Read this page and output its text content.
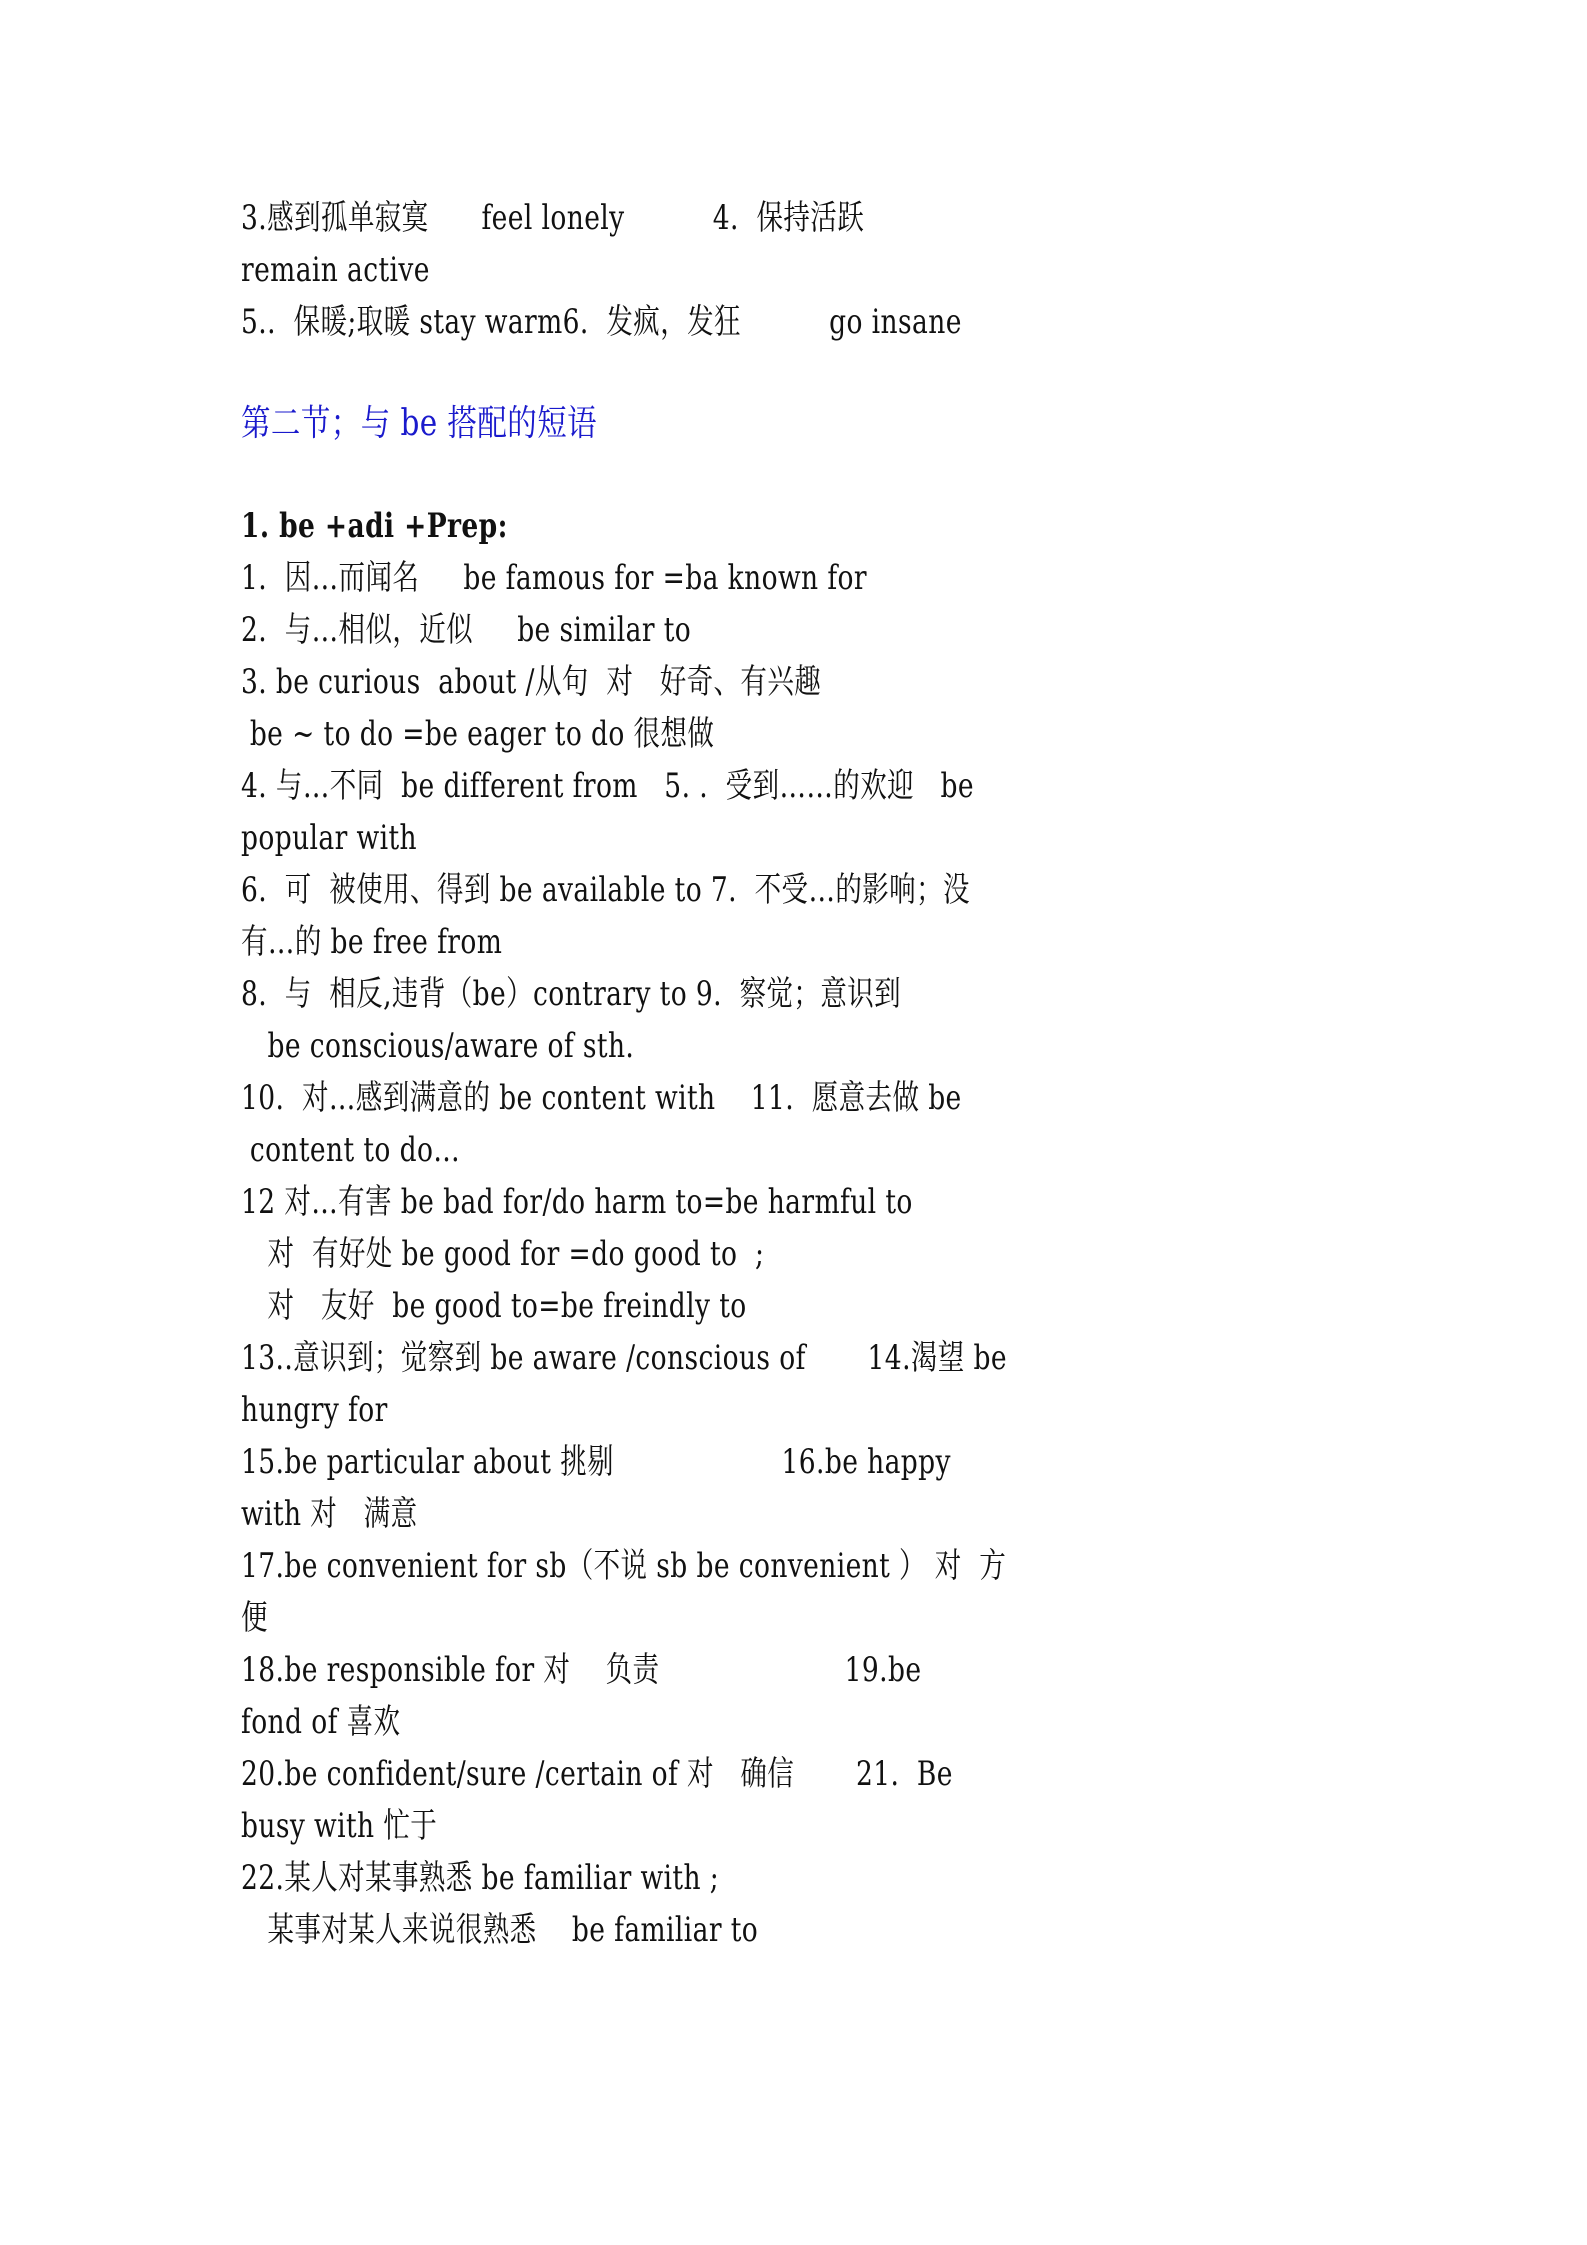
3.感到孤单寂寞      feel lonely          4.  保持活跃
remain active
5..  保暖;取暖 stay warm6.  发疯，发狂          go insane
第二节；与 be 搭配的短语
1. be +adi +Prep:
1.  因…而闻名     be famous for =ba known for
2.  与…相似，近似     be similar to
3. be curious  about /从句  对   好奇、有兴趣
be ~ to do =be eager to do 很想做
4. 与…不同  be different from   5. .  受到……的欢迎   be
popular with
6.  可  被使用、得到 be available to 7.  不受…的影响；没
有…的 be free from
8.  与  相反,违背（be）contrary to 9.  察觉；意识到
be conscious/aware of sth.
10.  对…感到满意的 be content with    11.  愿意去做 be
content to do…
12 对…有害 be bad for/do harm to=be harmful to
对  有好处 be good for =do good to  ;
对   友好  be good to=be freindly to
13..意识到；觉察到 be aware /conscious of       14.渴望 be
hungry for
15.be particular about 挑剔                   16.be happy
with 对   满意
17.be convenient for sb（不说 sb be convenient ） 对  方
便
18.be responsible for 对    负责                     19.be
fond of 喜欢
20.be confident/sure /certain of 对   确信       21.  Be
busy with 忙于
22.某人对某事熟悉 be familiar with ;
某事对某人来说很熟悉    be familiar to
